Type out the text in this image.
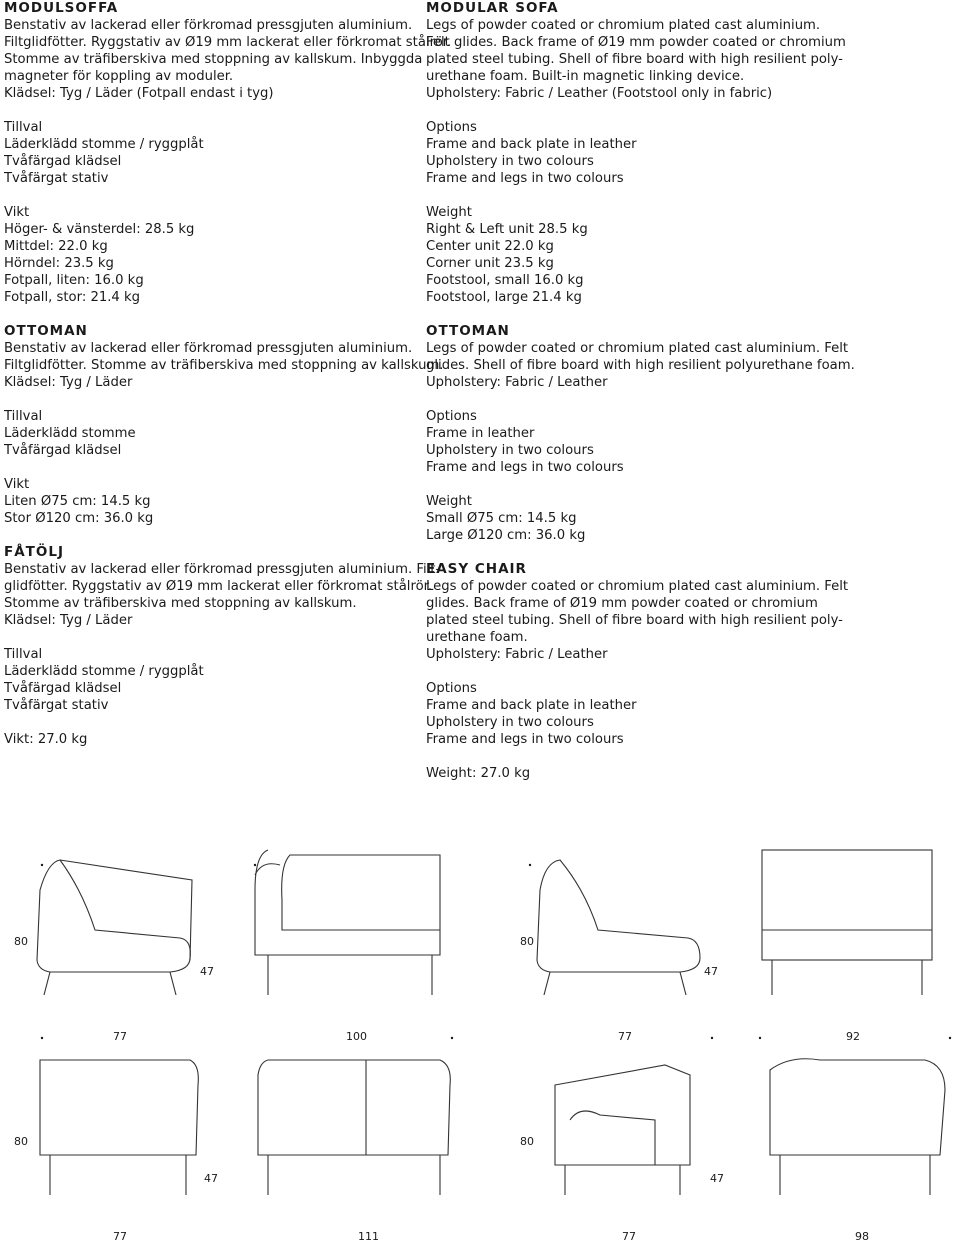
MODULSOFFA
Benstativ av lackerad eller förkromad pressgjuten aluminium.
Filtglidfötter. Ryggstativ av Ø19 mm lackerat eller förkromat stålrör.
Stomme av träfiberskiva med stoppning av kallskum. Inbyggda
magneter för koppling av moduler.
Klädsel: Tyg / Läder (Fotpall endast i tyg)
Tillval
Läderklädd stomme / ryggplåt
Tvåfärgad klädsel
Tvåfärgat stativ
Vikt
Höger- & vänsterdel: 28.5 kg
Mittdel: 22.0 kg
Hörndel: 23.5 kg
Fotpall, liten: 16.0 kg
Fotpall, stor: 21.4 kg
OTTOMAN
Benstativ av lackerad eller förkromad pressgjuten aluminium.
Filtglidfötter. Stomme av träfiberskiva med stoppning av kallskum.
Klädsel: Tyg / Läder
Tillval
Läderklädd stomme
Tvåfärgad klädsel
Vikt
Liten Ø75 cm: 14.5 kg
Stor Ø120 cm: 36.0 kg
FÅTÖLJ
Benstativ av lackerad eller förkromad pressgjuten aluminium. Filt-
glidfötter. Ryggstativ av Ø19 mm lackerat eller förkromat stålrör.
Stomme av träfiberskiva med stoppning av kallskum.
Klädsel: Tyg / Läder
Tillval
Läderklädd stomme / ryggplåt
Tvåfärgad klädsel
Tvåfärgat stativ
Vikt: 27.0 kg
MODULAR SOFA
Legs of powder coated or chromium plated cast aluminium.
Felt glides. Back frame of Ø19 mm powder coated or chromium
plated steel tubing. Shell of fibre board with high resilient poly-
urethane foam. Built-in magnetic linking device.
Upholstery: Fabric / Leather (Footstool only in fabric)
Options
Frame and back plate in leather
Upholstery in two colours
Frame and legs in two colours
Weight
Right & Left unit 28.5 kg
Center unit 22.0 kg
Corner unit 23.5 kg
Footstool, small 16.0 kg
Footstool, large 21.4 kg
OTTOMAN
Legs of powder coated or chromium plated cast aluminium. Felt
glides. Shell of fibre board with high resilient polyurethane foam.
Upholstery: Fabric / Leather
Options
Frame in leather
Upholstery in two colours
Frame and legs in two colours
Weight
Small Ø75 cm: 14.5 kg
Large Ø120 cm: 36.0 kg
EASY CHAIR
Legs of powder coated or chromium plated cast aluminium. Felt
glides. Back frame of Ø19 mm powder coated or chromium
plated steel tubing. Shell of fibre board with high resilient poly-
urethane foam.
Upholstery: Fabric / Leather
Options
Frame and back plate in leather
Upholstery in two colours
Frame and legs in two colours
Weight: 27.0 kg
80
47
77	100
80
47
77	92
80
47
77	111
80
47
77	98
